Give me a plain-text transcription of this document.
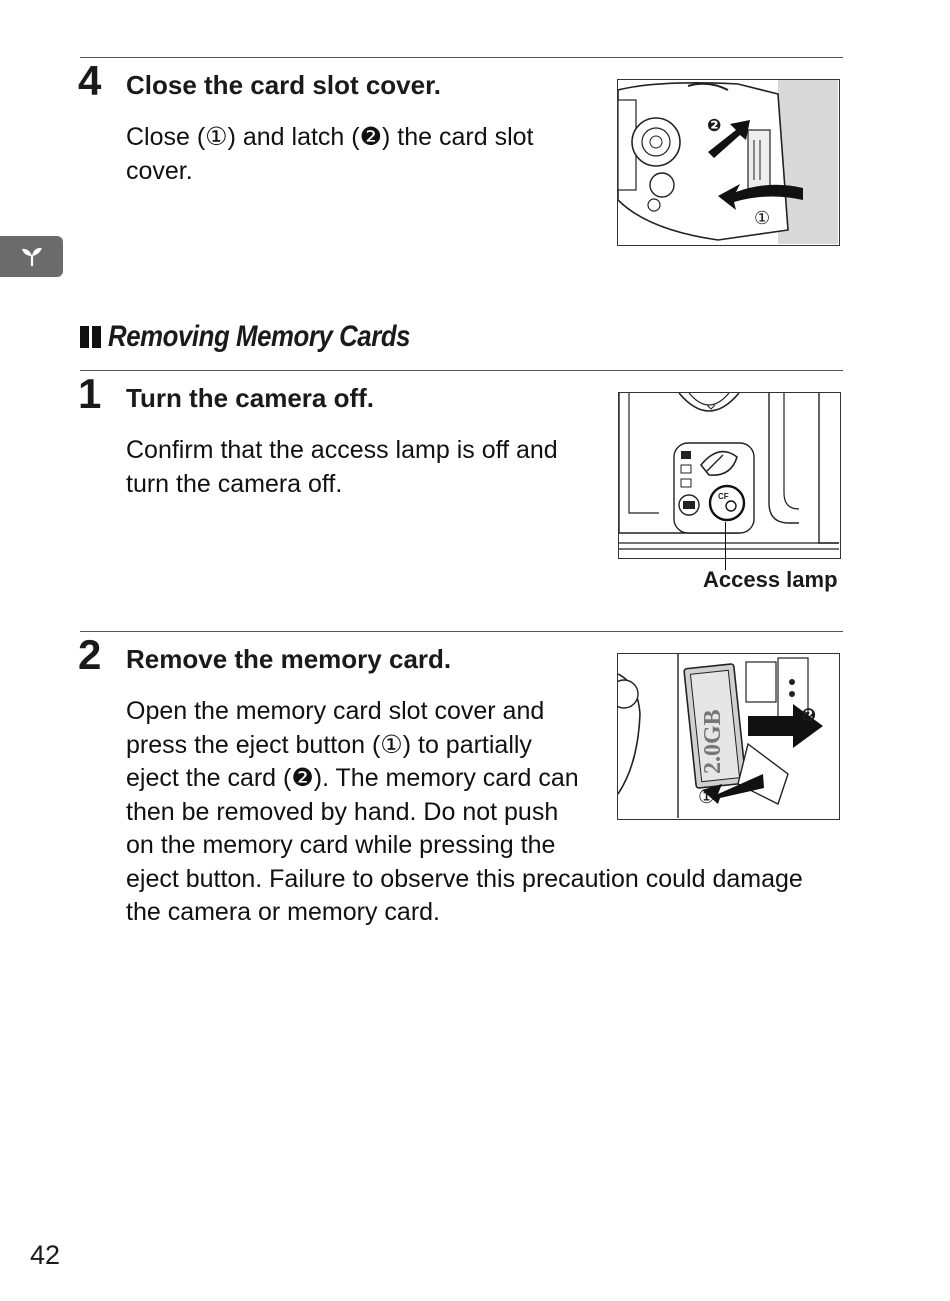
4 Close the card slot cover.
Close (①) and latch (❷) the card slot
cover.
❷
①
Removing Memory Cards
1 Turn the camera off.
Confirm that the access lamp is off and
turn the camera off.	CF
Access lamp
2 Remove the memory card.
Open the memory card slot cover and
press the eject button (①) to partially
eject the card (❷). The memory card can
then be removed by hand. Do not push
on the memory card while pressing the
eject button. Failure to observe this precaution could damage
the camera or memory card.
2.0GB	❷
①
42
